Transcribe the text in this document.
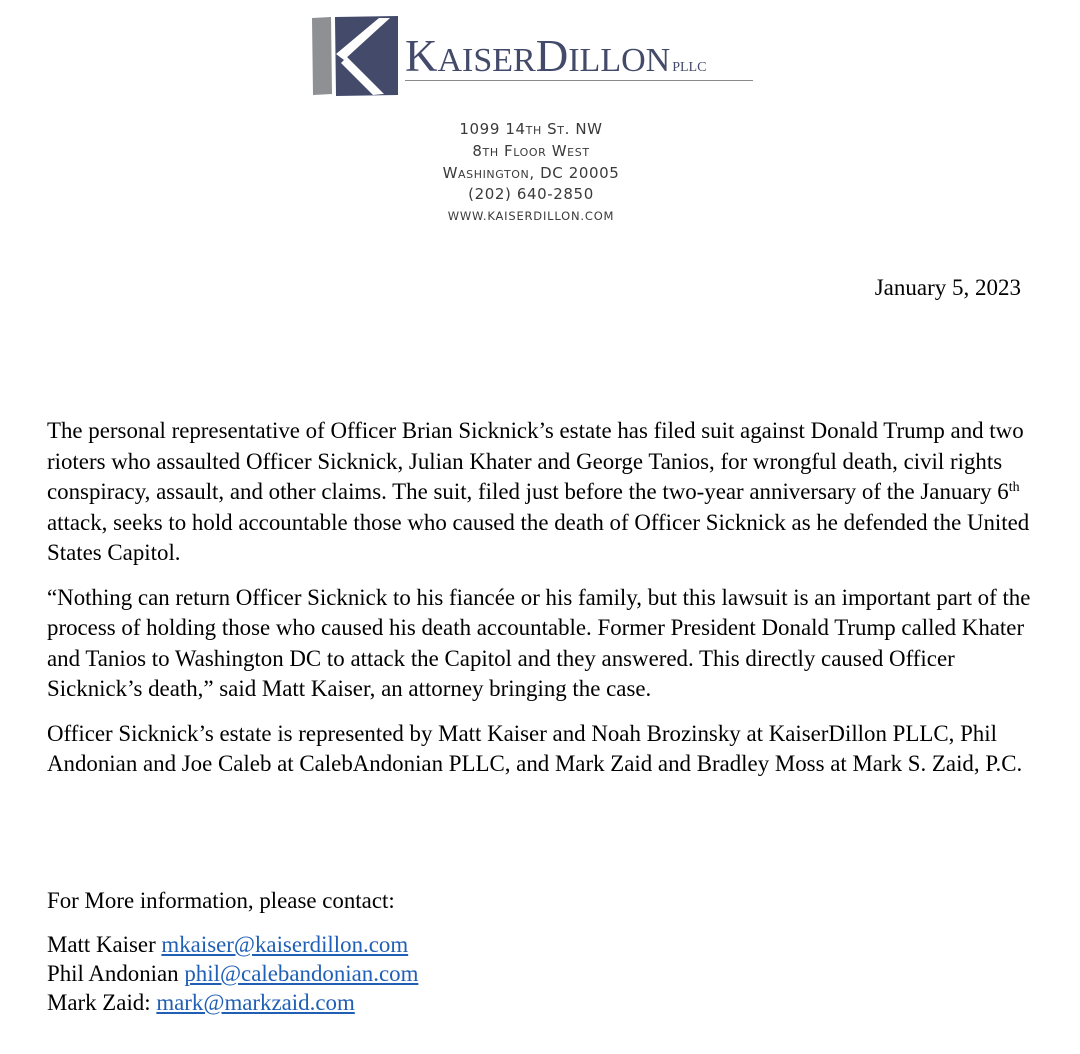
KAISERDILLON PLLC
1099 14th St. NW
8th Floor West
Washington, DC 20005
(202) 640-2850
WWW.KAISERDILLON.COM
January 5, 2023

The personal representative of Officer Brian Sicknick’s estate has filed suit against Donald Trump and two rioters who assaulted Officer Sicknick, Julian Khater and George Tanios, for wrongful death, civil rights conspiracy, assault, and other claims. The suit, filed just before the two-year anniversary of the January 6th attack, seeks to hold accountable those who caused the death of Officer Sicknick as he defended the United States Capitol.

“Nothing can return Officer Sicknick to his fiancée or his family, but this lawsuit is an important part of the process of holding those who caused his death accountable. Former President Donald Trump called Khater and Tanios to Washington DC to attack the Capitol and they answered. This directly caused Officer Sicknick’s death,” said Matt Kaiser, an attorney bringing the case.

Officer Sicknick’s estate is represented by Matt Kaiser and Noah Brozinsky at KaiserDillon PLLC, Phil Andonian and Joe Caleb at CalebAndonian PLLC, and Mark Zaid and Bradley Moss at Mark S. Zaid, P.C.

For More information, please contact:
Matt Kaiser mkaiser@kaiserdillon.com
Phil Andonian phil@calebandonian.com
Mark Zaid: mark@markzaid.com
